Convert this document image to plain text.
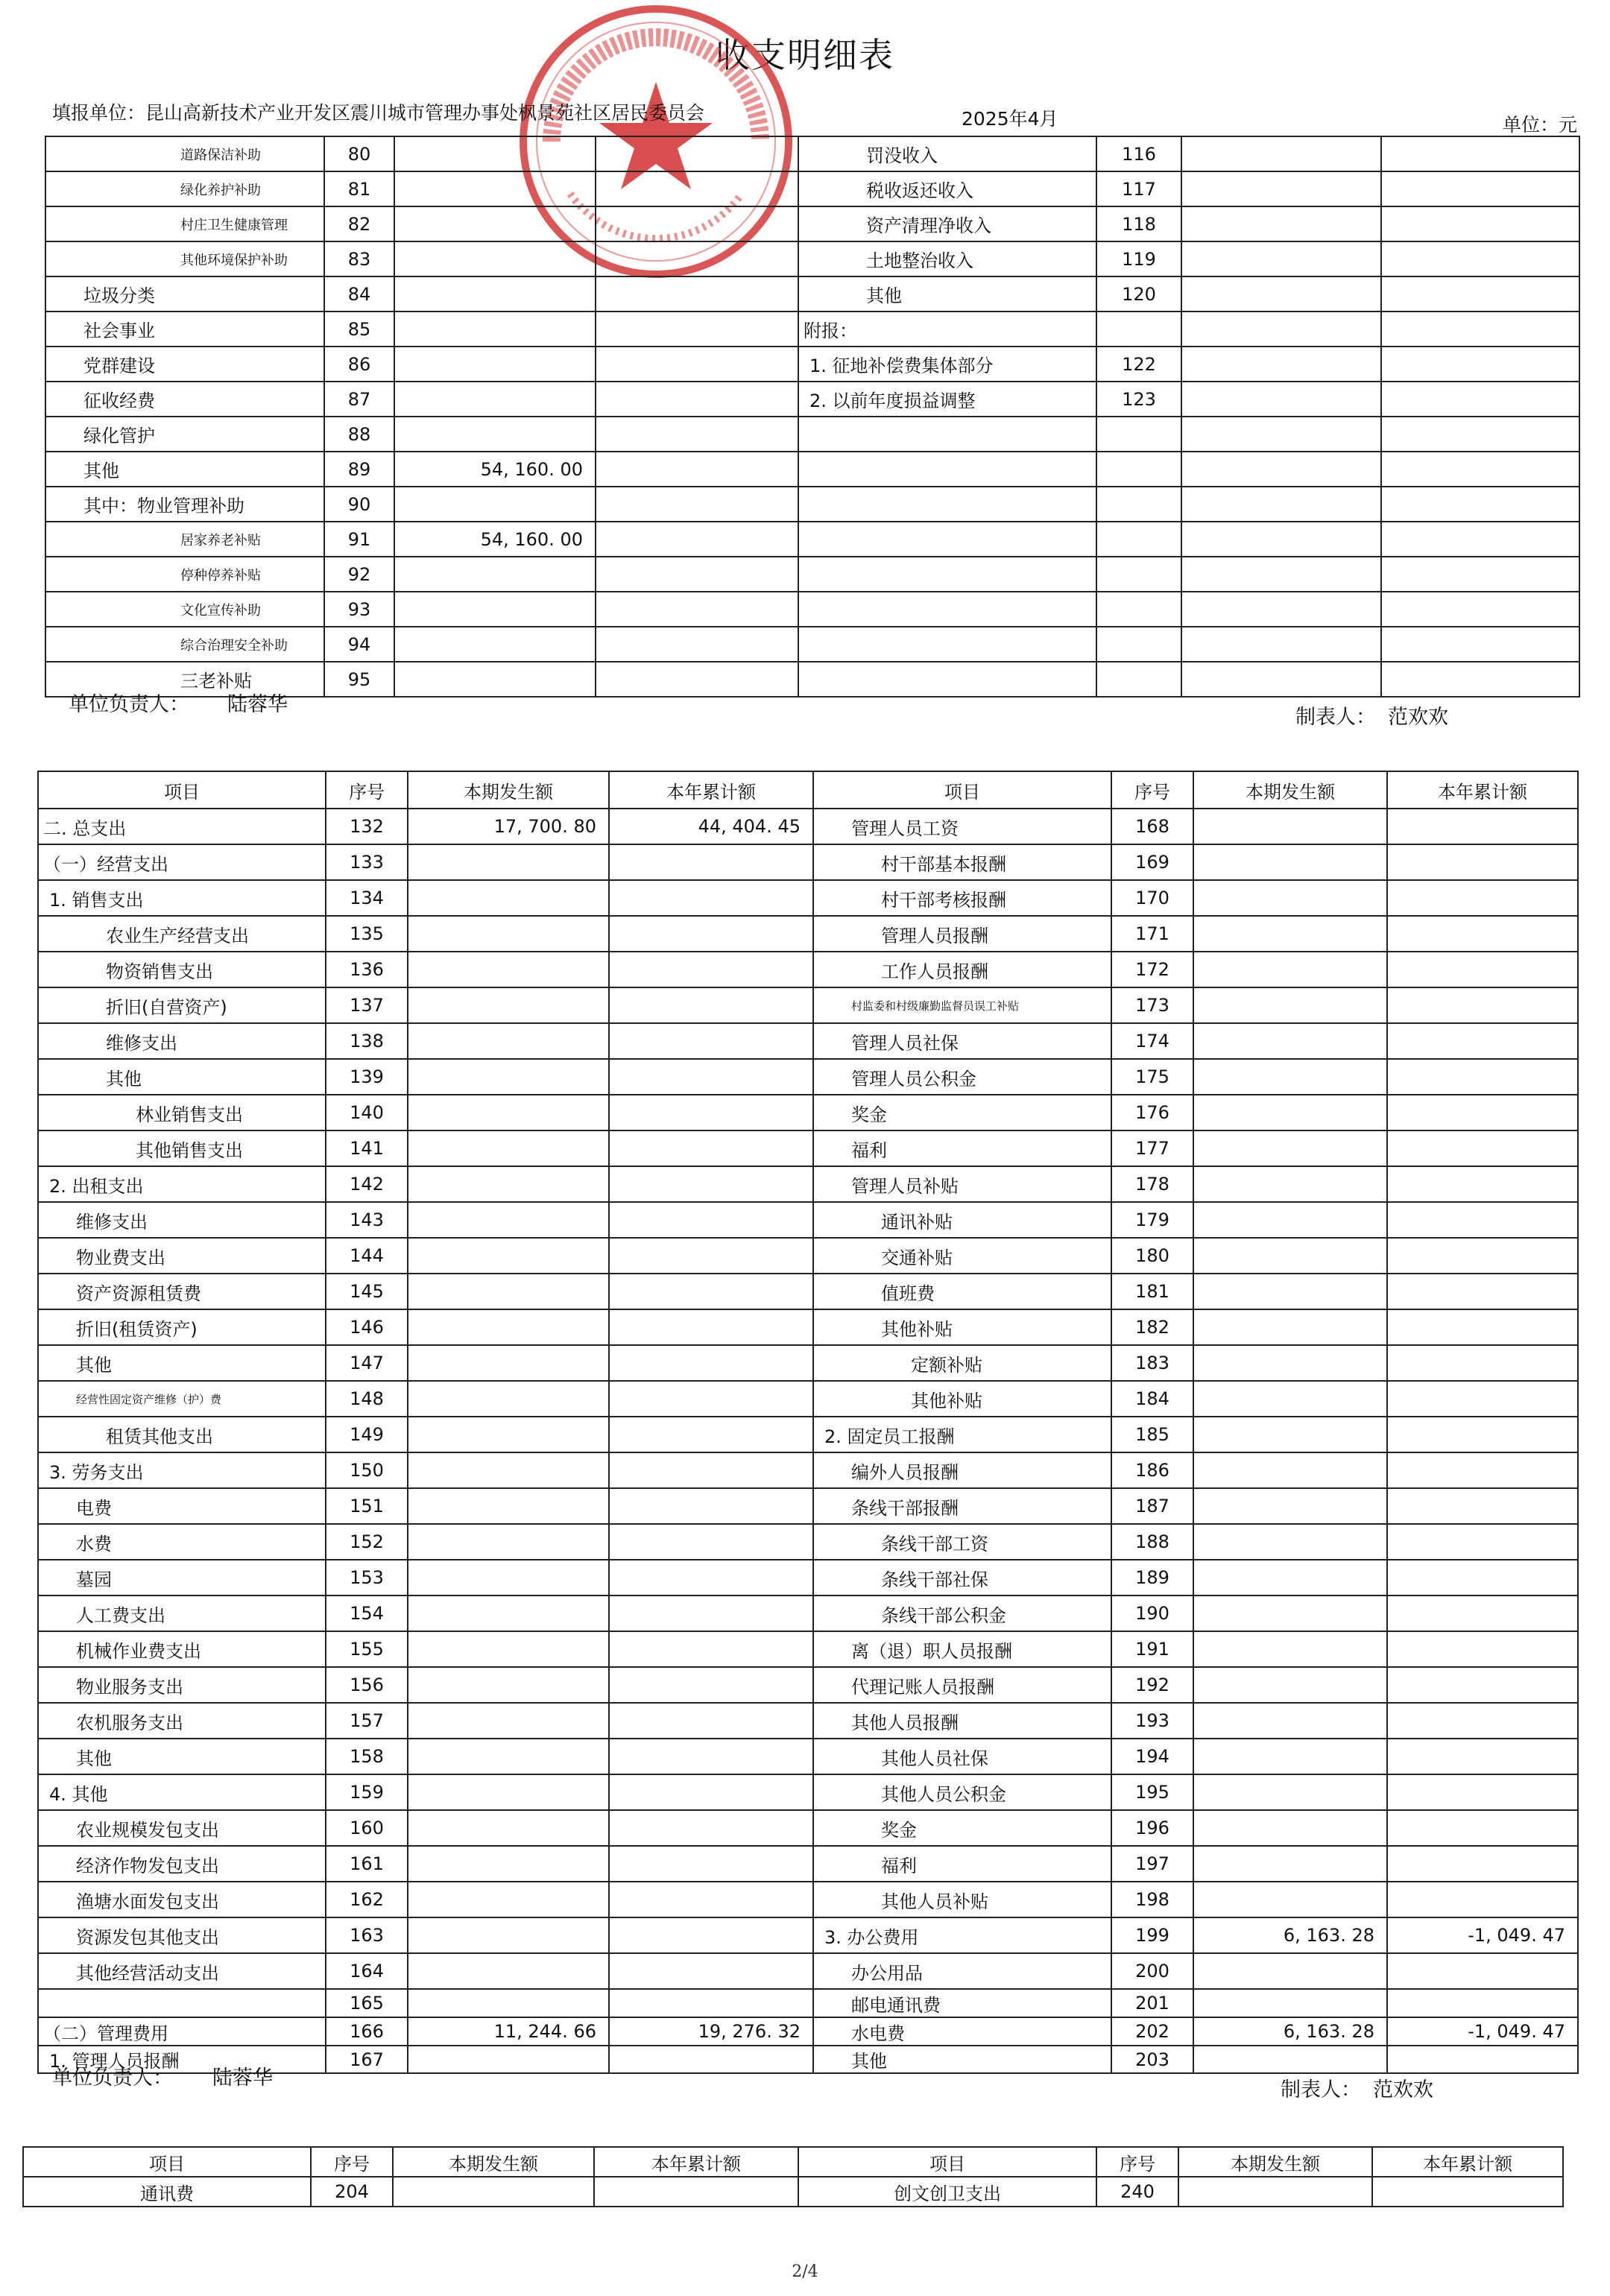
收支明细表
填报单位：昆山高新技术产业开发区震川城市管理办事处枫景苑社区居民委员会	2025年4月	单位：元
道路保洁补助	80			罚没收入	116		
绿化养护补助	81			税收返还收入	117		
村庄卫生健康管理	82			资产清理净收入	118		
其他环境保护补助	83			土地整治收入	119		
垃圾分类	84			其他	120		
社会事业	85			附报：			
党群建设	86			1. 征地补偿费集体部分	122		
征收经费	87			2. 以前年度损益调整	123		
绿化管护	88						
其他	89	54, 160. 00					
其中：物业管理补助	90						
居家养老补贴	91	54, 160. 00					
停种停养补贴	92						
文化宣传补助	93						
综合治理安全补助	94						
三老补贴	95						
单位负责人： 陆蓉华
制表人： 范欢欢
项目	序号	本期发生额	本年累计额	项目	序号	本期发生额	本年累计额
二. 总支出	132	17, 700. 80	44, 404. 45	管理人员工资	168		
（一）经营支出	133			村干部基本报酬	169		
1. 销售支出	134			村干部考核报酬	170		
农业生产经营支出	135			管理人员报酬	171		
物资销售支出	136			工作人员报酬	172		
折旧(自营资产)	137			村监委和村级廉勤监督员误工补贴	173		
维修支出	138			管理人员社保	174		
其他	139			管理人员公积金	175		
林业销售支出	140			奖金	176		
其他销售支出	141			福利	177		
2. 出租支出	142			管理人员补贴	178		
维修支出	143			通讯补贴	179		
物业费支出	144			交通补贴	180		
资产资源租赁费	145			值班费	181		
折旧(租赁资产)	146			其他补贴	182		
其他	147			定额补贴	183		
经营性固定资产维修（护）费	148			其他补贴	184		
租赁其他支出	149			2. 固定员工报酬	185		
3. 劳务支出	150			编外人员报酬	186		
电费	151			条线干部报酬	187		
水费	152			条线干部工资	188		
墓园	153			条线干部社保	189		
人工费支出	154			条线干部公积金	190		
机械作业费支出	155			离（退）职人员报酬	191		
物业服务支出	156			代理记账人员报酬	192		
农机服务支出	157			其他人员报酬	193		
其他	158			其他人员社保	194		
4. 其他	159			其他人员公积金	195		
农业规模发包支出	160			奖金	196		
经济作物发包支出	161			福利	197		
渔塘水面发包支出	162			其他人员补贴	198		
资源发包其他支出	163			3. 办公费用	199	6, 163. 28	-1, 049. 47
其他经营活动支出	164			办公用品	200		
	165			邮电通讯费	201		
（二）管理费用	166	11, 244. 66	19, 276. 32	水电费	202	6, 163. 28	-1, 049. 47
1. 管理人员报酬	167			其他	203		
单位负责人： 陆蓉华
制表人： 范欢欢
项目	序号	本期发生额	本年累计额	项目	序号	本期发生额	本年累计额
通讯费	204			创文创卫支出	240		
2/4
